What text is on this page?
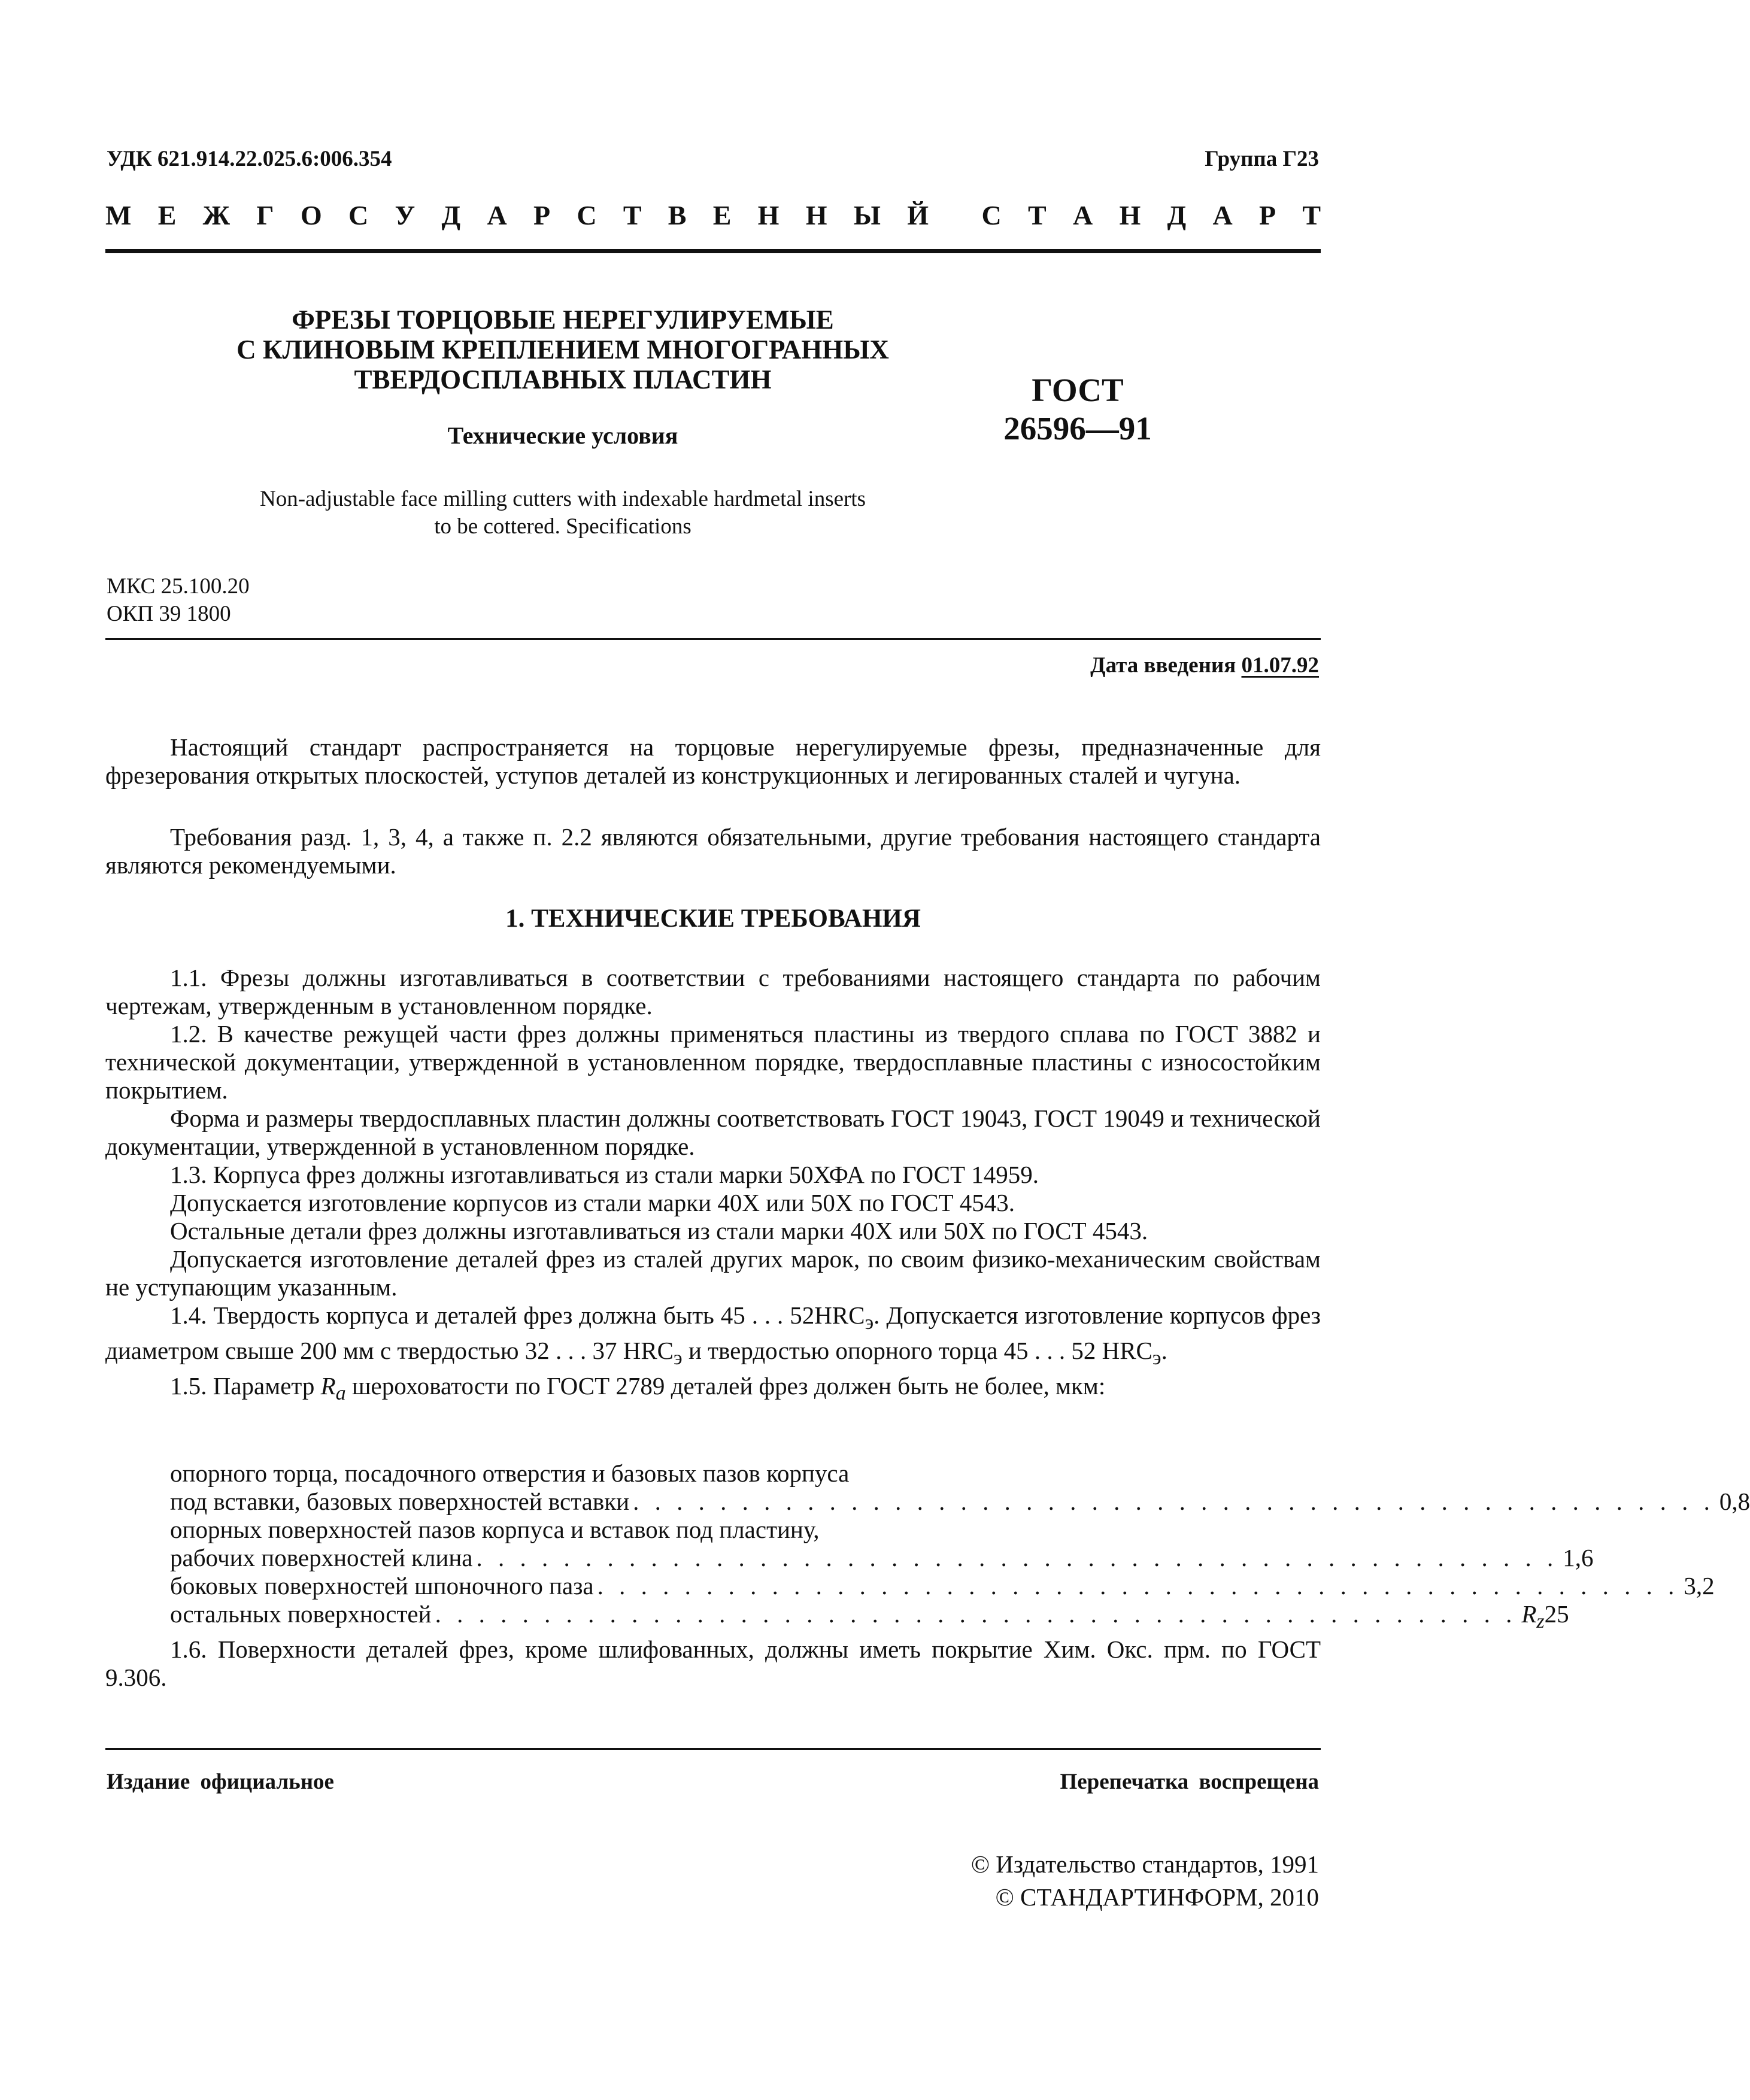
УДК 621.914.22.025.6:006.354	Группа Г23
М Е Ж Г О С У Д А Р С Т В Е Н Н Ы Й С Т А Н Д А Р Т
ФРЕЗЫ ТОРЦОВЫЕ НЕРЕГУЛИРУЕМЫЕ
С КЛИНОВЫМ КРЕПЛЕНИЕМ МНОГОГРАННЫХ
ТВЕРДОСПЛАВНЫХ ПЛАСТИН
Технические условия
ГОСТ
26596—91
Non-adjustable face milling cutters with indexable hardmetal inserts
to be cottered. Specifications
МКС 25.100.20
ОКП 39 1800
Дата введения 01.07.92
Настоящий стандарт распространяется на торцовые нерегулируемые фрезы, предназначенные для фрезерования открытых плоскостей, уступов деталей из конструкционных и легированных сталей и чугуна.
Требования разд. 1, 3, 4, а также п. 2.2 являются обязательными, другие требования настоящего стандарта являются рекомендуемыми.
1. ТЕХНИЧЕСКИЕ ТРЕБОВАНИЯ
1.1. Фрезы должны изготавливаться в соответствии с требованиями настоящего стандарта по рабочим чертежам, утвержденным в установленном порядке.
1.2. В качестве режущей части фрез должны применяться пластины из твердого сплава по ГОСТ 3882 и технической документации, утвержденной в установленном порядке, твердосплавные пластины с износостойким покрытием.
Форма и размеры твердосплавных пластин должны соответствовать ГОСТ 19043, ГОСТ 19049 и технической документации, утвержденной в установленном порядке.
1.3. Корпуса фрез должны изготавливаться из стали марки 50ХФА по ГОСТ 14959.
Допускается изготовление корпусов из стали марки 40Х или 50Х по ГОСТ 4543.
Остальные детали фрез должны изготавливаться из стали марки 40Х или 50Х по ГОСТ 4543.
Допускается изготовление деталей фрез из сталей других марок, по своим физико-механическим свойствам не уступающим указанным.
1.4. Твердость корпуса и деталей фрез должна быть 45 . . . $52HRC_э$. Допускается изготовление корпусов фрез диаметром свыше 200 мм с твердостью 32 . . . 37 $HRC_э$ и твердостью опорного торца 45 . . . 52 $HRC_э$.
1.5. Параметр $R_a$ шероховатости по ГОСТ 2789 деталей фрез должен быть не более, мкм:
опорного торца, посадочного отверстия и базовых пазов корпуса
под вставки, базовых поверхностей вставки . . . . . . . . . . . . . . . . . . . . . . . . . . . . . . . . . . . . . . . . . . . . . . . . . . 0,8
опорных поверхностей пазов корпуса и вставок под пластину,
рабочих поверхностей клина . . . . . . . . . . . . . . . . . . . . . . . . . . . . . . . . . . . . . . . . . . . . . . . . . . 1,6
боковых поверхностей шпоночного паза . . . . . . . . . . . . . . . . . . . . . . . . . . . . . . . . . . . . . . . . . . . . . . . . . . 3,2
остальных поверхностей . . . . . . . . . . . . . . . . . . . . . . . . . . . . . . . . . . . . . . . . . . . . . . . . . . $R_z25$
1.6. Поверхности деталей фрез, кроме шлифованных, должны иметь покрытие Хим. Окс. прм. по ГОСТ 9.306.
Издание официальное	Перепечатка воспрещена
© Издательство стандартов, 1991
© СТАНДАРТИНФОРМ, 2010
